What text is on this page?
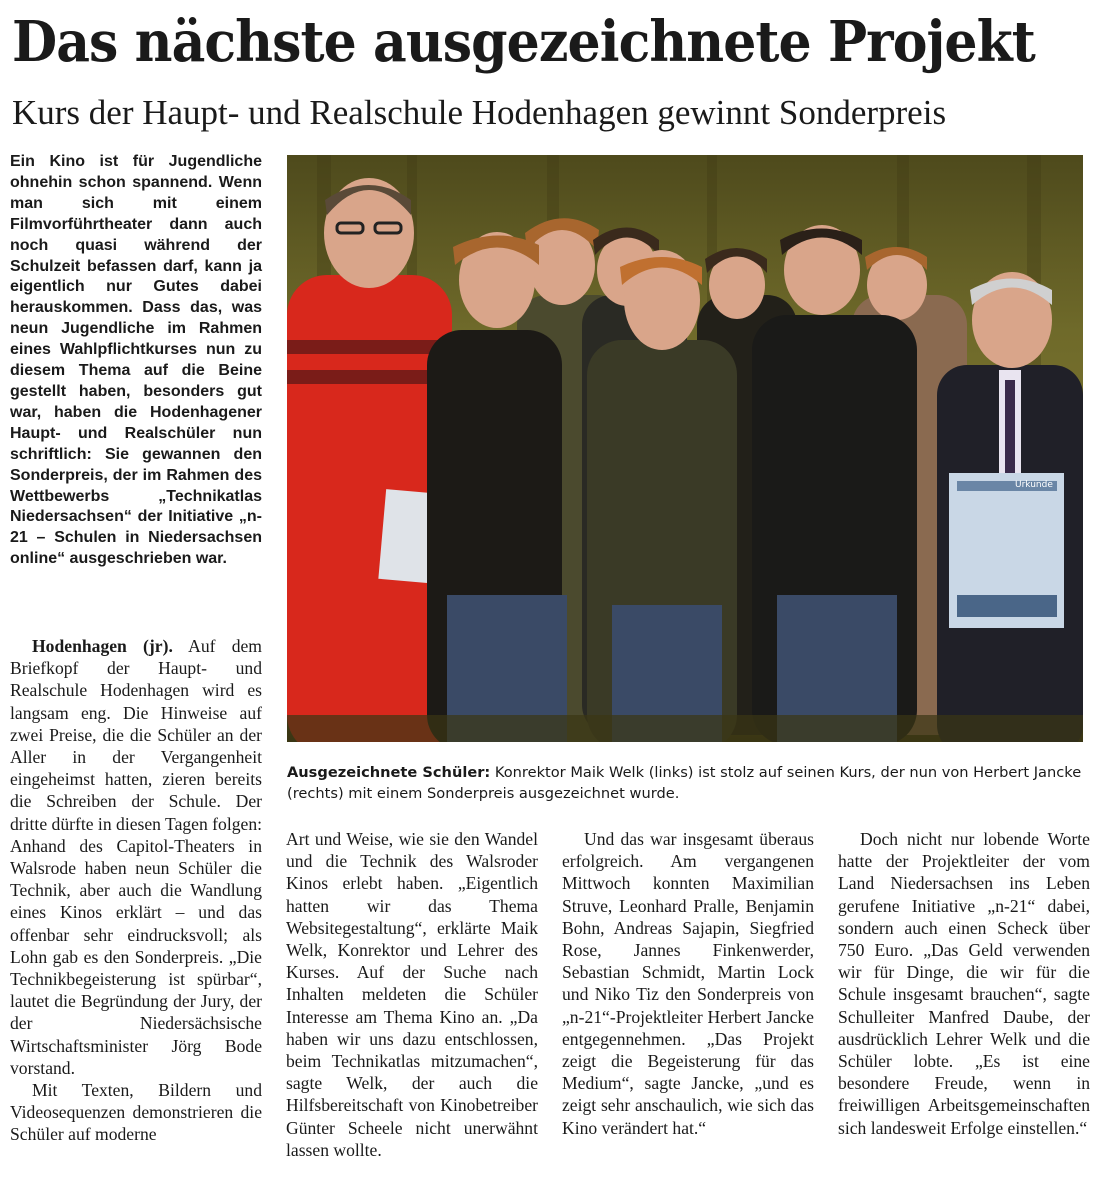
Das nächste ausgezeichnete Projekt
Kurs der Haupt- und Realschule Hodenhagen gewinnt Sonderpreis
Ein Kino ist für Jugendliche ohnehin schon spannend. Wenn man sich mit einem Filmvorführtheater dann auch noch quasi während der Schulzeit befassen darf, kann ja eigentlich nur Gutes dabei herauskommen. Dass das, was neun Jugendliche im Rahmen eines Wahlpflichtkurses nun zu diesem Thema auf die Beine gestellt haben, besonders gut war, haben die Hodenhagener Haupt- und Realschüler nun schriftlich: Sie gewannen den Sonderpreis, der im Rahmen des Wettbewerbs „Technikatlas Niedersachsen“ der Initiative „n-21 – Schulen in Niedersachsen online“ ausgeschrieben war.

Hodenhagen (jr). Auf dem Briefkopf der Haupt- und Realschule Hodenhagen wird es langsam eng. Die Hinweise auf zwei Preise, die die Schüler an der Aller in der Vergangenheit eingeheimst hatten, zieren bereits die Schreiben der Schule. Der dritte dürfte in diesen Tagen folgen: Anhand des Capitol-Theaters in Walsrode haben neun Schüler die Technik, aber auch die Wandlung eines Kinos erklärt – und das offenbar sehr eindrucksvoll; als Lohn gab es den Sonderpreis. „Die Technikbegeisterung ist spürbar“, lautet die Begründung der Jury, der der Niedersächsische Wirtschaftsminister Jörg Bode vorstand.

Mit Texten, Bildern und Videosequenzen demonstrieren die Schüler auf moderne

Art und Weise, wie sie den Wandel und die Technik des Walsroder Kinos erlebt haben. „Eigentlich hatten wir das Thema Websitegestaltung“, erklärte Maik Welk, Konrektor und Lehrer des Kurses. Auf der Suche nach Inhalten meldeten die Schüler Interesse am Thema Kino an. „Da haben wir uns dazu entschlossen, beim Technikatlas mitzumachen“, sagte Welk, der auch die Hilfsbereitschaft von Kinobetreiber Günter Scheele nicht unerwähnt lassen wollte.

Und das war insgesamt überaus erfolgreich. Am vergangenen Mittwoch konnten Maximilian Struve, Leonhard Pralle, Benjamin Bohn, Andreas Sajapin, Siegfried Rose, Jannes Finkenwerder, Sebastian Schmidt, Martin Lock und Niko Tiz den Sonderpreis von „n-21“-Projektleiter Herbert Jancke entgegennehmen. „Das Projekt zeigt die Begeisterung für das Medium“, sagte Jancke, „und es zeigt sehr anschaulich, wie sich das Kino verändert hat.“

Doch nicht nur lobende Worte hatte der Projektleiter der vom Land Niedersachsen ins Leben gerufene Initiative „n-21“ dabei, sondern auch einen Scheck über 750 Euro. „Das Geld verwenden wir für Dinge, die wir für die Schule insgesamt brauchen“, sagte Schulleiter Manfred Daube, der ausdrücklich Lehrer Welk und die Schüler lobte. „Es ist eine besondere Freude, wenn in freiwilligen Arbeitsgemeinschaften sich landesweit Erfolge einstellen.“

Urkunde
Ausgezeichnete Schüler: Konrektor Maik Welk (links) ist stolz auf seinen Kurs, der nun von Herbert Jancke (rechts) mit einem Sonderpreis ausgezeichnet wurde.
